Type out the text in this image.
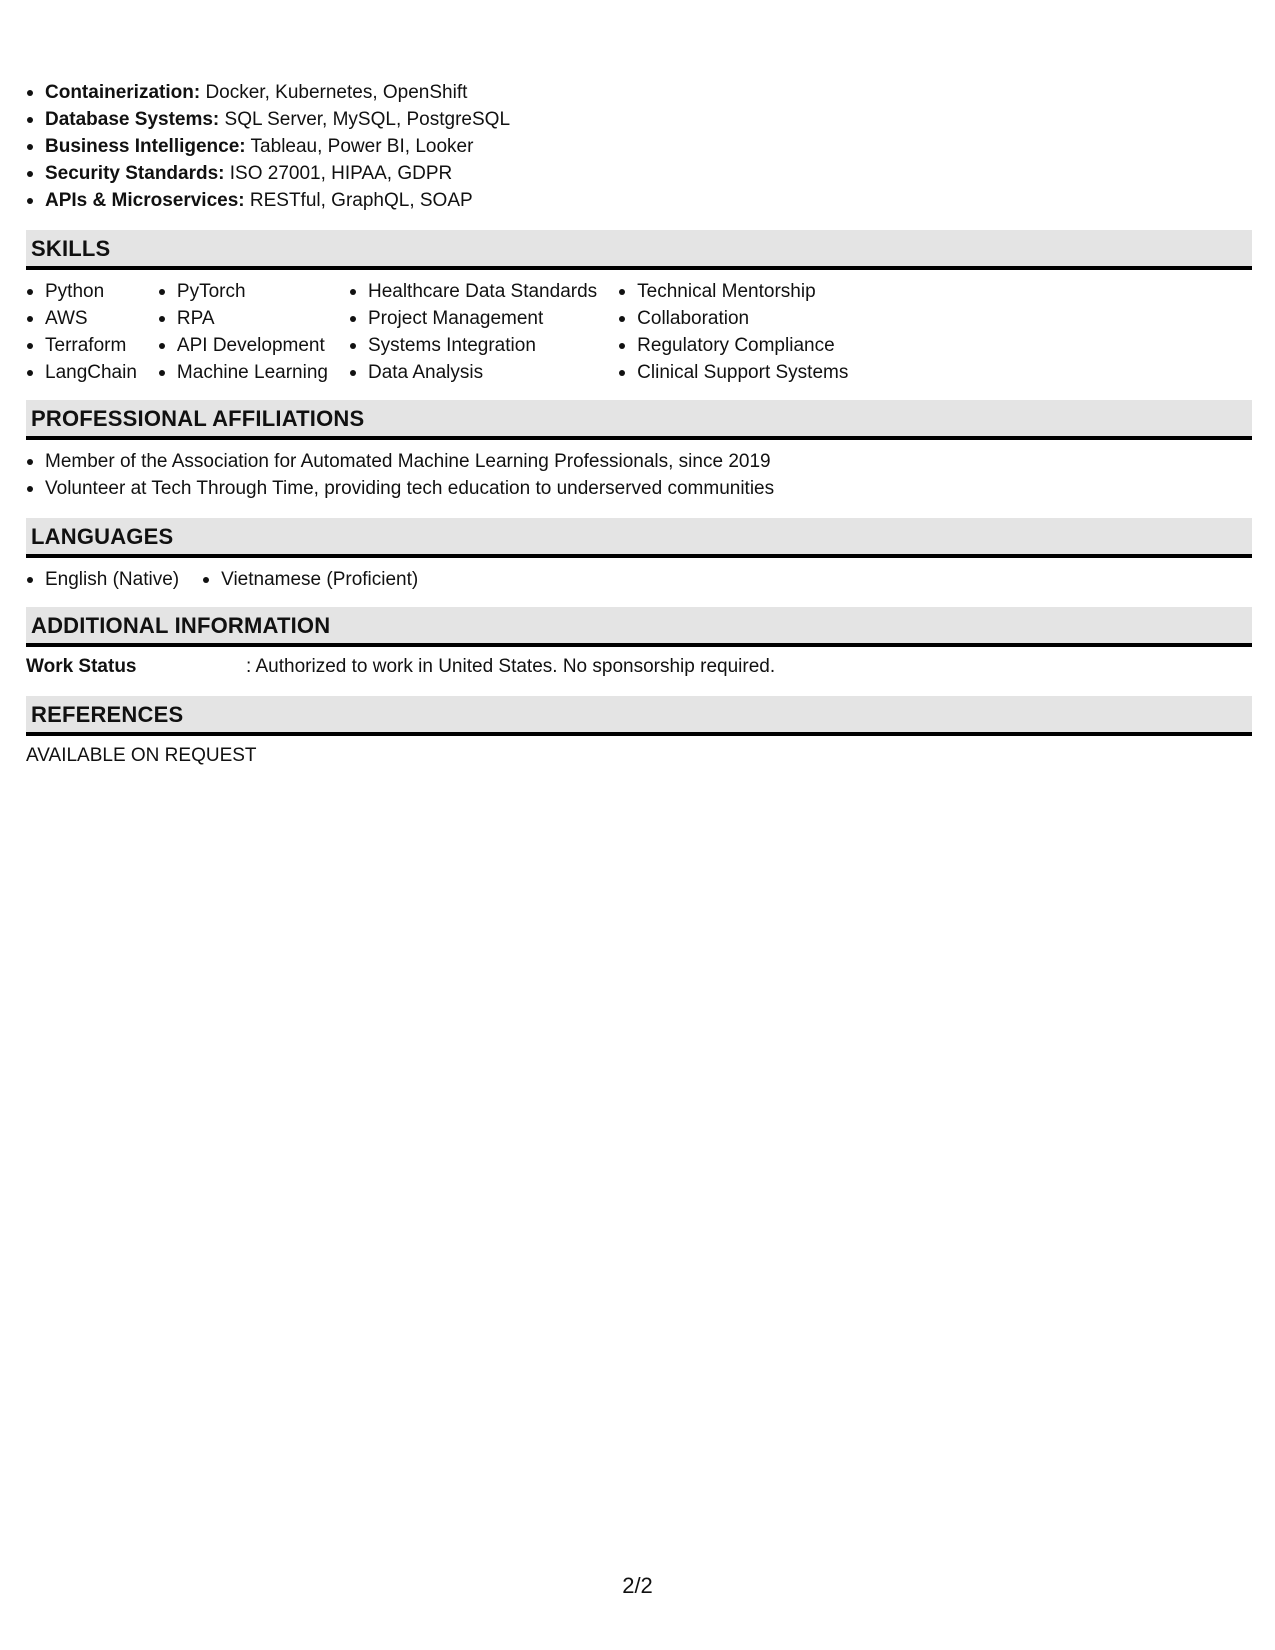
Containerization: Docker, Kubernetes, OpenShift
Database Systems: SQL Server, MySQL, PostgreSQL
Business Intelligence: Tableau, Power BI, Looker
Security Standards: ISO 27001, HIPAA, GDPR
APIs & Microservices: RESTful, GraphQL, SOAP
SKILLS
Python
AWS
Terraform
LangChain
PyTorch
RPA
API Development
Machine Learning
Healthcare Data Standards
Project Management
Systems Integration
Data Analysis
Technical Mentorship
Collaboration
Regulatory Compliance
Clinical Support Systems
PROFESSIONAL AFFILIATIONS
Member of the Association for Automated Machine Learning Professionals, since 2019
Volunteer at Tech Through Time, providing tech education to underserved communities
LANGUAGES
English (Native)	Vietnamese (Proficient)
ADDITIONAL INFORMATION
Work Status	: Authorized to work in United States. No sponsorship required.
REFERENCES
AVAILABLE ON REQUEST
2/2
